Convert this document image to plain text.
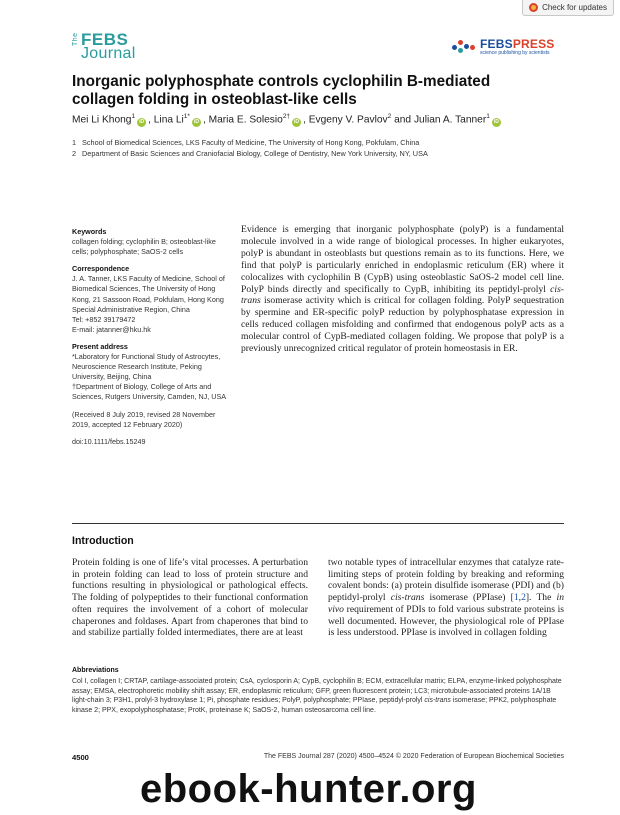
Check for updates
The FEBS
Journal
FEBSPRESS
science publishing by scientists
Inorganic polyphosphate controls cyclophilin B-mediated collagen folding in osteoblast-like cells
Mei Li Khong$^1$iD , Lina $Li^{1*}iD$ , Maria E. Solesio$^{2\dagger}$iD , Evgeny V. Pavlov$^2$ and Julian A. Tanner$^1$iD
1 School of Biomedical Sciences, LKS Faculty of Medicine, The University of Hong Kong, Pokfulam, China
2 Department of Basic Sciences and Craniofacial Biology, College of Dentistry, New York University, NY, USA
Keywords
collagen folding; cyclophilin B; osteoblast-like cells; polyphosphate; SaOS-2 cells
Correspondence
J. A. Tanner, LKS Faculty of Medicine, School of Biomedical Sciences, The University of Hong Kong, 21 Sassoon Road, Pokfulam, Hong Kong Special Administrative Region, China
Tel: +852 39179472
E-mail: jatanner@hku.hk
Present address
*Laboratory for Functional Study of Astrocytes, Neuroscience Research Institute, Peking University, Beijing, China
†Department of Biology, College of Arts and Sciences, Rutgers University, Camden, NJ, USA
(Received 8 July 2019, revised 28 November 2019, accepted 12 February 2020)
doi:10.1111/febs.15249
Evidence is emerging that inorganic polyphosphate (polyP) is a fundamental molecule involved in a wide range of biological processes. In higher eukaryotes, polyP is abundant in osteoblasts but questions remain as to its functions. Here, we find that polyP is particularly enriched in endoplasmic reticulum (ER) where it colocalizes with cyclophilin B (CypB) using osteoblastic SaOS-2 model cell line. PolyP binds directly and specifically to CypB, inhibiting its peptidyl-prolyl cis-trans isomerase activity which is critical for collagen folding. PolyP sequestration by spermine and ER-specific polyP reduction by polyphosphatase expression in cells reduced collagen misfolding and confirmed that endogenous polyP acts as a molecular control of CypB-mediated collagen folding. We propose that polyP is a previously unrecognized critical regulator of protein homeostasis in ER.
Introduction
Protein folding is one of life’s vital processes. A perturbation in protein folding can lead to loss of protein structure and functions resulting in physiological or pathological effects. The folding of polypeptides to their functional conformation often requires the involvement of a cohort of molecular chaperones and foldases. Apart from chaperones that bind to and stabilize partially folded intermediates, there are at least
two notable types of intracellular enzymes that catalyze rate-limiting steps of protein folding by breaking and reforming covalent bonds: (a) protein disulfide isomerase (PDI) and (b) peptidyl-prolyl cis-trans isomerase (PPIase) [1,2]. The in vivo requirement of PDIs to fold various substrate proteins is well documented. However, the physiological role of PPIase is less understood. PPIase is involved in collagen folding
Abbreviations
Col I, collagen I; CRTAP, cartilage-associated protein; CsA, cyclosporin A; CypB, cyclophilin B; ECM, extracellular matrix; ELPA, enzyme-linked polyphosphate assay; EMSA, electrophoretic mobility shift assay; ER, endoplasmic reticulum; GFP, green fluorescent protein; LC3; microtubule-associated proteins 1A/1B light-chain 3; P3H1, prolyl-3 hydroxylase 1; Pi, phosphate residues; PolyP, polyphosphate; PPIase, peptidyl-prolyl cis-trans isomerase; PPK2, polyphosphate kinase 2; PPX, exopolyphosphatase; ProtK, proteinase K; SaOS-2, human osteosarcoma cell line.
4500	The FEBS Journal 287 (2020) 4500–4524 © 2020 Federation of European Biochemical Societies
ebook-hunter.org
